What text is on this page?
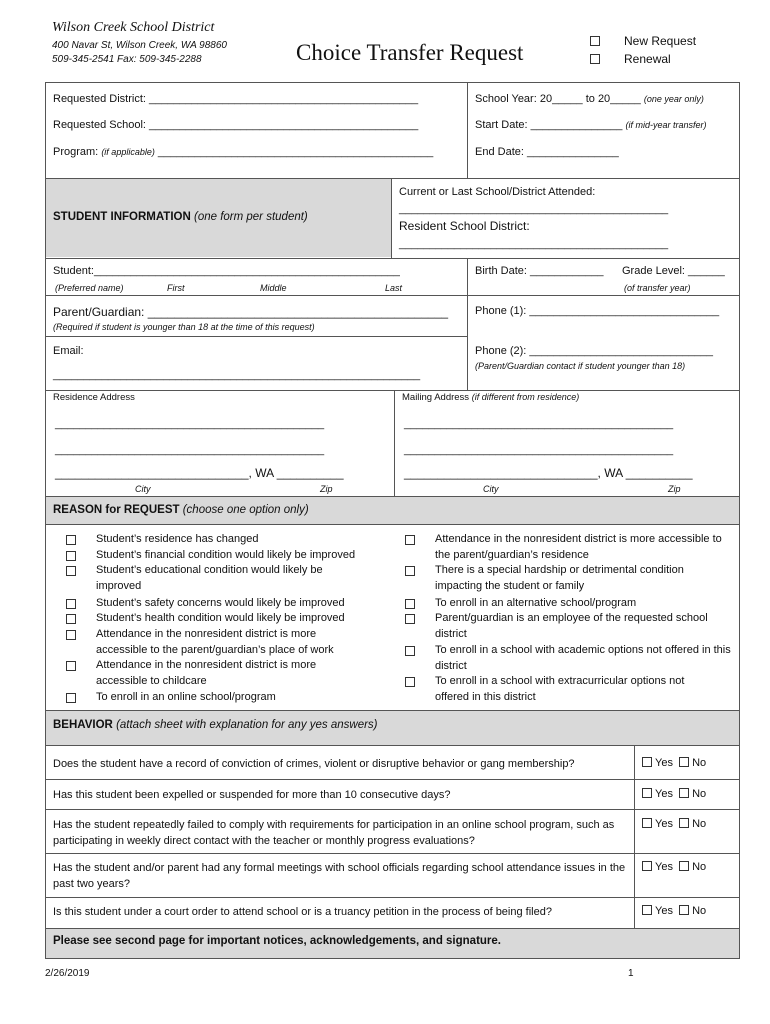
Wilson Creek School District
400 Navar St, Wilson Creek, WA 98860
509-345-2541 Fax: 509-345-2288	Choice Transfer Request	New Request
Renewal
Requested District: ____________________________________________
Requested School: ____________________________________________
Program: (if applicable) _____________________________________________
School Year: 20_____ to 20_____ (one year only)
Start Date: _______________ (if mid-year transfer)
End Date: _______________
STUDENT INFORMATION (one form per student)
Current or Last School/District Attended:
____________________________________________
Resident School District:
____________________________________________
Student:__________________________________________________
(Preferred name)	First	Middle	Last
Birth Date: ____________ Grade Level: ______
(of transfer year)
Parent/Guardian: _____________________________________________
(Required if student is younger than 18 at the time of this request)
Phone (1): _______________________________
Email:
____________________________________________________________
Phone (2): ______________________________
(Parent/Guardian contact if student younger than 18)
Residence Address
____________________________________________
____________________________________________
_____________________________, WA __________
City	Zip
Mailing Address (if different from residence)
____________________________________________
____________________________________________
_____________________________, WA __________
City	Zip
REASON for REQUEST (choose one option only)
Student’s residence has changed
Student’s financial condition would likely be improved
Student’s educational condition would likely be improved
Student’s safety concerns would likely be improved
Student’s health condition would likely be improved
Attendance in the nonresident district is more accessible to the parent/guardian’s place of work
Attendance in the nonresident district is more accessible to childcare
To enroll in an online school/program
Attendance in the nonresident district is more accessible to the parent/guardian’s residence
There is a special hardship or detrimental condition impacting the student or family
To enroll in an alternative school/program
Parent/guardian is an employee of the requested school district
To enroll in a school with academic options not offered in this district
To enroll in a school with extracurricular options not offered in this district
BEHAVIOR (attach sheet with explanation for any yes answers)
Does the student have a record of conviction of crimes, violent or disruptive behavior or gang membership?	Yes No
Has this student been expelled or suspended for more than 10 consecutive days?	Yes No
Has the student repeatedly failed to comply with requirements for participation in an online school program, such as participating in weekly direct contact with the teacher or monthly progress evaluations?
Yes No
Has the student and/or parent had any formal meetings with school officials regarding school attendance issues in the past two years?
Yes No
Is this student under a court order to attend school or is a truancy petition in the process of being filed?	Yes No
Please see second page for important notices, acknowledgements, and signature.
2/26/2019	1
